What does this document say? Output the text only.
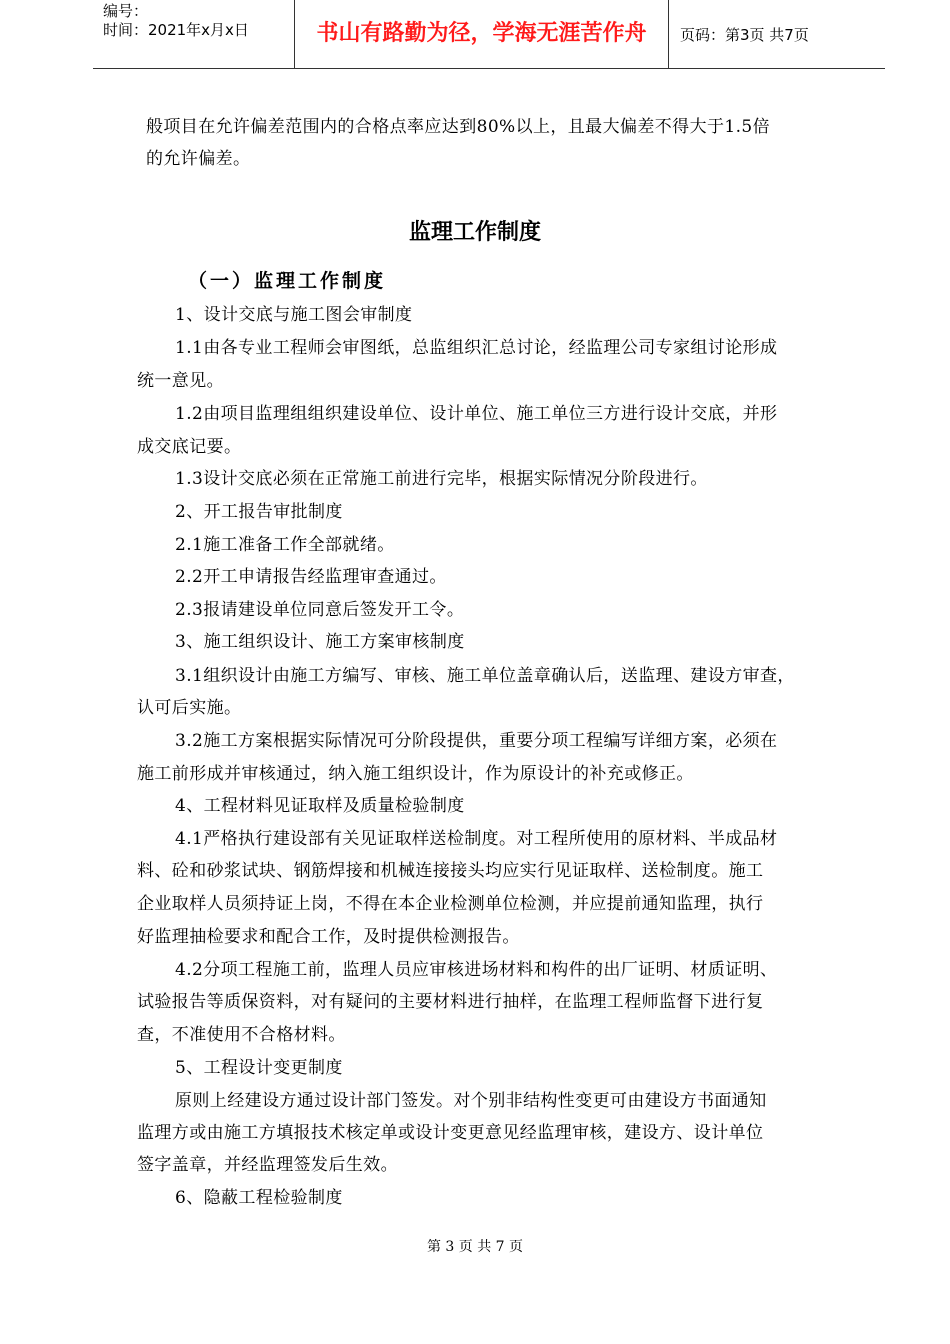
编号：
时间：2021年x月x日	书山有路勤为径，学海无涯苦作舟	页码：第3页 共7页
般项目在允许偏差范围内的合格点率应达到80%以上，且最大偏差不得大于1.5倍
的允许偏差。
监理工作制度
（一）监理工作制度
1、设计交底与施工图会审制度
1.1由各专业工程师会审图纸，总监组织汇总讨论，经监理公司专家组讨论形成
统一意见。
1.2由项目监理组组织建设单位、设计单位、施工单位三方进行设计交底，并形
成交底记要。
1.3设计交底必须在正常施工前进行完毕，根据实际情况分阶段进行。
2、开工报告审批制度
2.1施工准备工作全部就绪。
2.2开工申请报告经监理审查通过。
2.3报请建设单位同意后签发开工令。
3、施工组织设计、施工方案审核制度
3.1组织设计由施工方编写、审核、施工单位盖章确认后，送监理、建设方审查，
认可后实施。
3.2施工方案根据实际情况可分阶段提供，重要分项工程编写详细方案，必须在
施工前形成并审核通过，纳入施工组织设计，作为原设计的补充或修正。
4、工程材料见证取样及质量检验制度
4.1严格执行建设部有关见证取样送检制度。对工程所使用的原材料、半成品材
料、砼和砂浆试块、钢筋焊接和机械连接接头均应实行见证取样、送检制度。施工
企业取样人员须持证上岗，不得在本企业检测单位检测，并应提前通知监理，执行
好监理抽检要求和配合工作，及时提供检测报告。
4.2分项工程施工前，监理人员应审核进场材料和构件的出厂证明、材质证明、
试验报告等质保资料，对有疑问的主要材料进行抽样，在监理工程师监督下进行复
查，不准使用不合格材料。
5、工程设计变更制度
原则上经建设方通过设计部门签发。对个别非结构性变更可由建设方书面通知
监理方或由施工方填报技术核定单或设计变更意见经监理审核，建设方、设计单位
签字盖章，并经监理签发后生效。
6、隐蔽工程检验制度
第 3 页 共 7 页
